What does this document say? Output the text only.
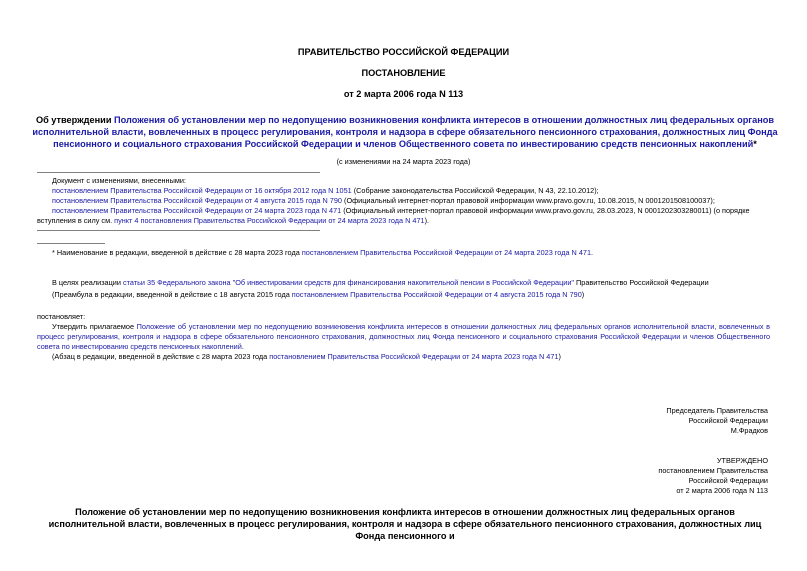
ПРАВИТЕЛЬСТВО РОССИЙСКОЙ ФЕДЕРАЦИИ
ПОСТАНОВЛЕНИЕ
от 2 марта 2006 года N 113
Об утверждении Положения об установлении мер по недопущению возникновения конфликта интересов в отношении должностных лиц федеральных органов исполнительной власти, вовлеченных в процесс регулирования, контроля и надзора в сфере обязательного пенсионного страхования, должностных лиц Фонда пенсионного и социального страхования Российской Федерации и членов Общественного совета по инвестированию средств пенсионных накоплений*
(с изменениями на 24 марта 2023 года)
Документ с изменениями, внесенными:
постановлением Правительства Российской Федерации от 16 октября 2012 года N 1051 (Собрание законодательства Российской Федерации, N 43, 22.10.2012);
постановлением Правительства Российской Федерации от 4 августа 2015 года N 790 (Официальный интернет-портал правовой информации www.pravo.gov.ru, 10.08.2015, N 0001201508100037);
постановлением Правительства Российской Федерации от 24 марта 2023 года N 471 (Официальный интернет-портал правовой информации www.pravo.gov.ru, 28.03.2023, N 0001202303280011) (о порядке
вступления в силу см. пункт 4 постановления Правительства Российской Федерации от 24 марта 2023 года N 471).
* Наименование в редакции, введенной в действие с 28 марта 2023 года постановлением Правительства Российской Федерации от 24 марта 2023 года N 471.
В целях реализации статьи 35 Федерального закона "Об инвестировании средств для финансирования накопительной пенсии в Российской Федерации" Правительство Российской Федерации
(Преамбула в редакции, введенной в действие с 18 августа 2015 года постановлением Правительства Российской Федерации от 4 августа 2015 года N 790)
постановляет:
Утвердить прилагаемое Положение об установлении мер по недопущению возникновения конфликта интересов в отношении должностных лиц федеральных органов исполнительной власти, вовлеченных в процесс регулирования, контроля и надзора в сфере обязательного пенсионного страхования, должностных лиц Фонда пенсионного и социального страхования Российской Федерации и членов Общественного совета по инвестированию средств пенсионных накоплений.
(Абзац в редакции, введенной в действие с 28 марта 2023 года постановлением Правительства Российской Федерации от 24 марта 2023 года N 471)
Председатель Правительства
Российской Федерации
М.Фрадков
УТВЕРЖДЕНО
постановлением Правительства
Российской Федерации
от 2 марта 2006 года N 113
Положение об установлении мер по недопущению возникновения конфликта интересов в отношении должностных лиц федеральных органов исполнительной власти, вовлеченных в процесс регулирования, контроля и надзора в сфере обязательного пенсионного страхования, должностных лиц Фонда пенсионного и
